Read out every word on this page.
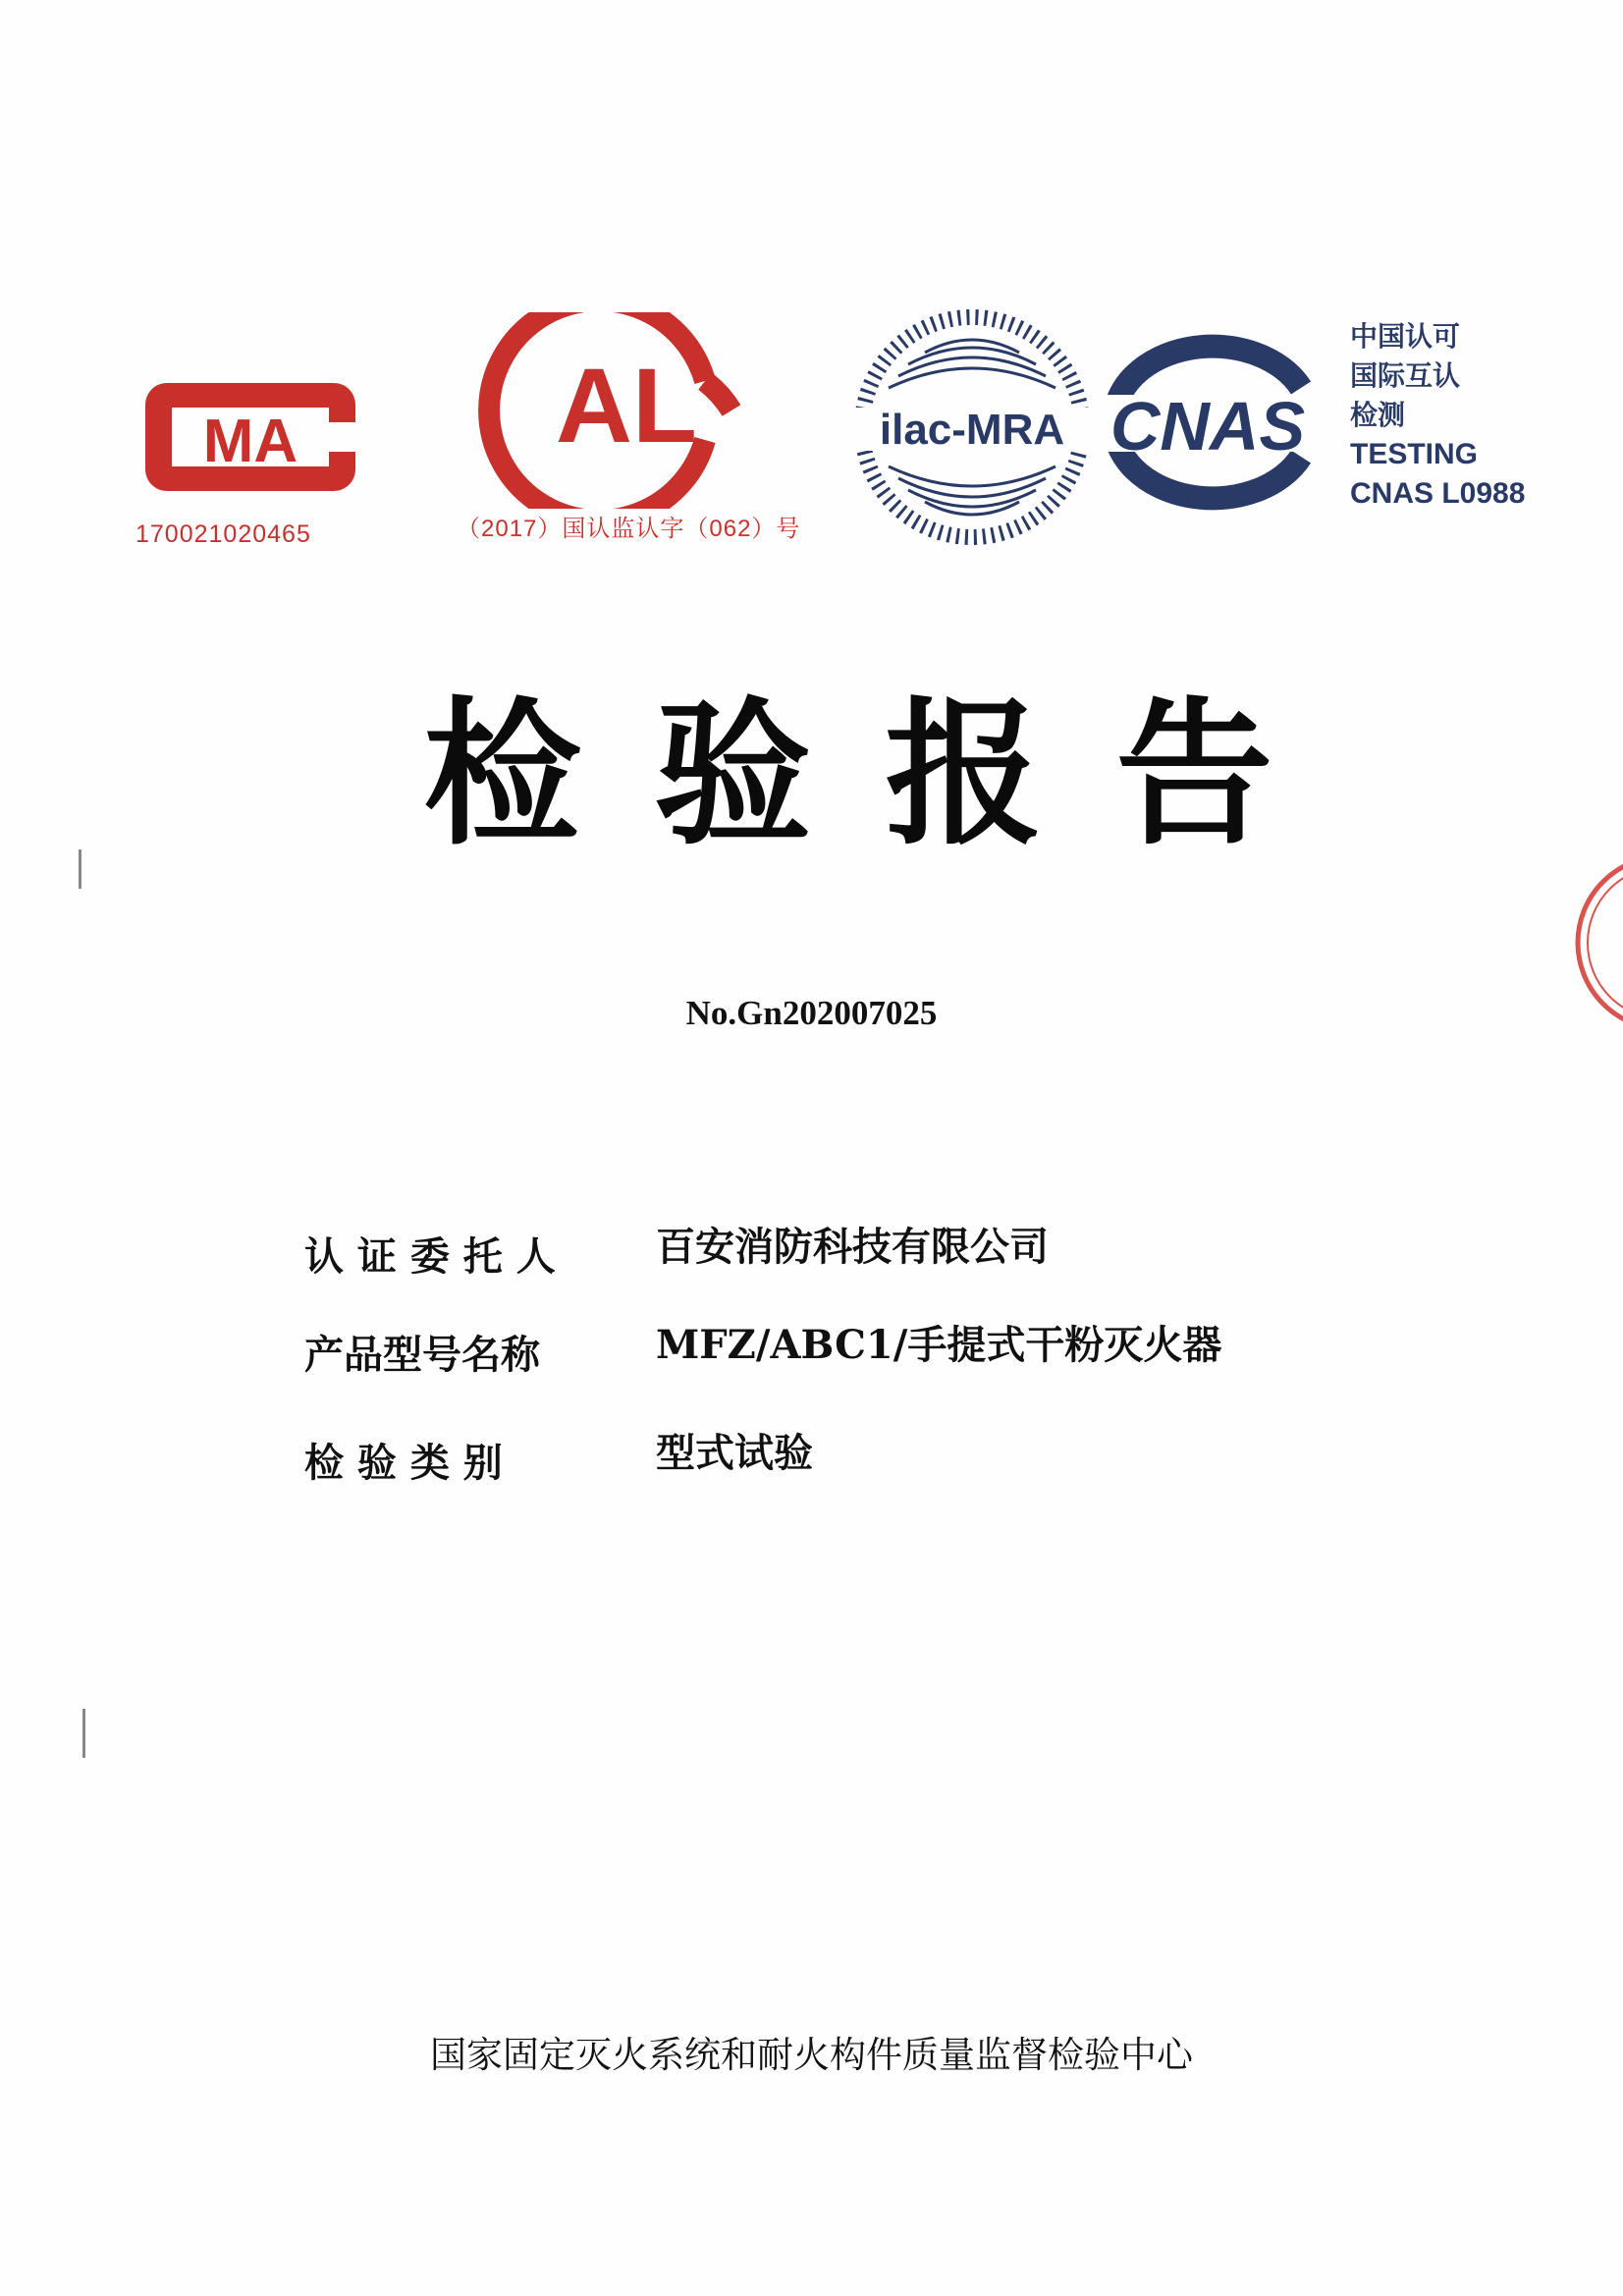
MA
170021020465
AL
（2017）国认监认字（062）号
ilac-MRA CNAS
中国认可
国际互认
检测
TESTING
CNAS L0988
检验报告
No.Gn202007025
认 证 委 托 人	百安消防科技有限公司
产品型号名称	MFZ/ABC1/手提式干粉灭火器
检 验 类 别	型式试验
国家固定灭火系统和耐火构件质量监督检验中心
